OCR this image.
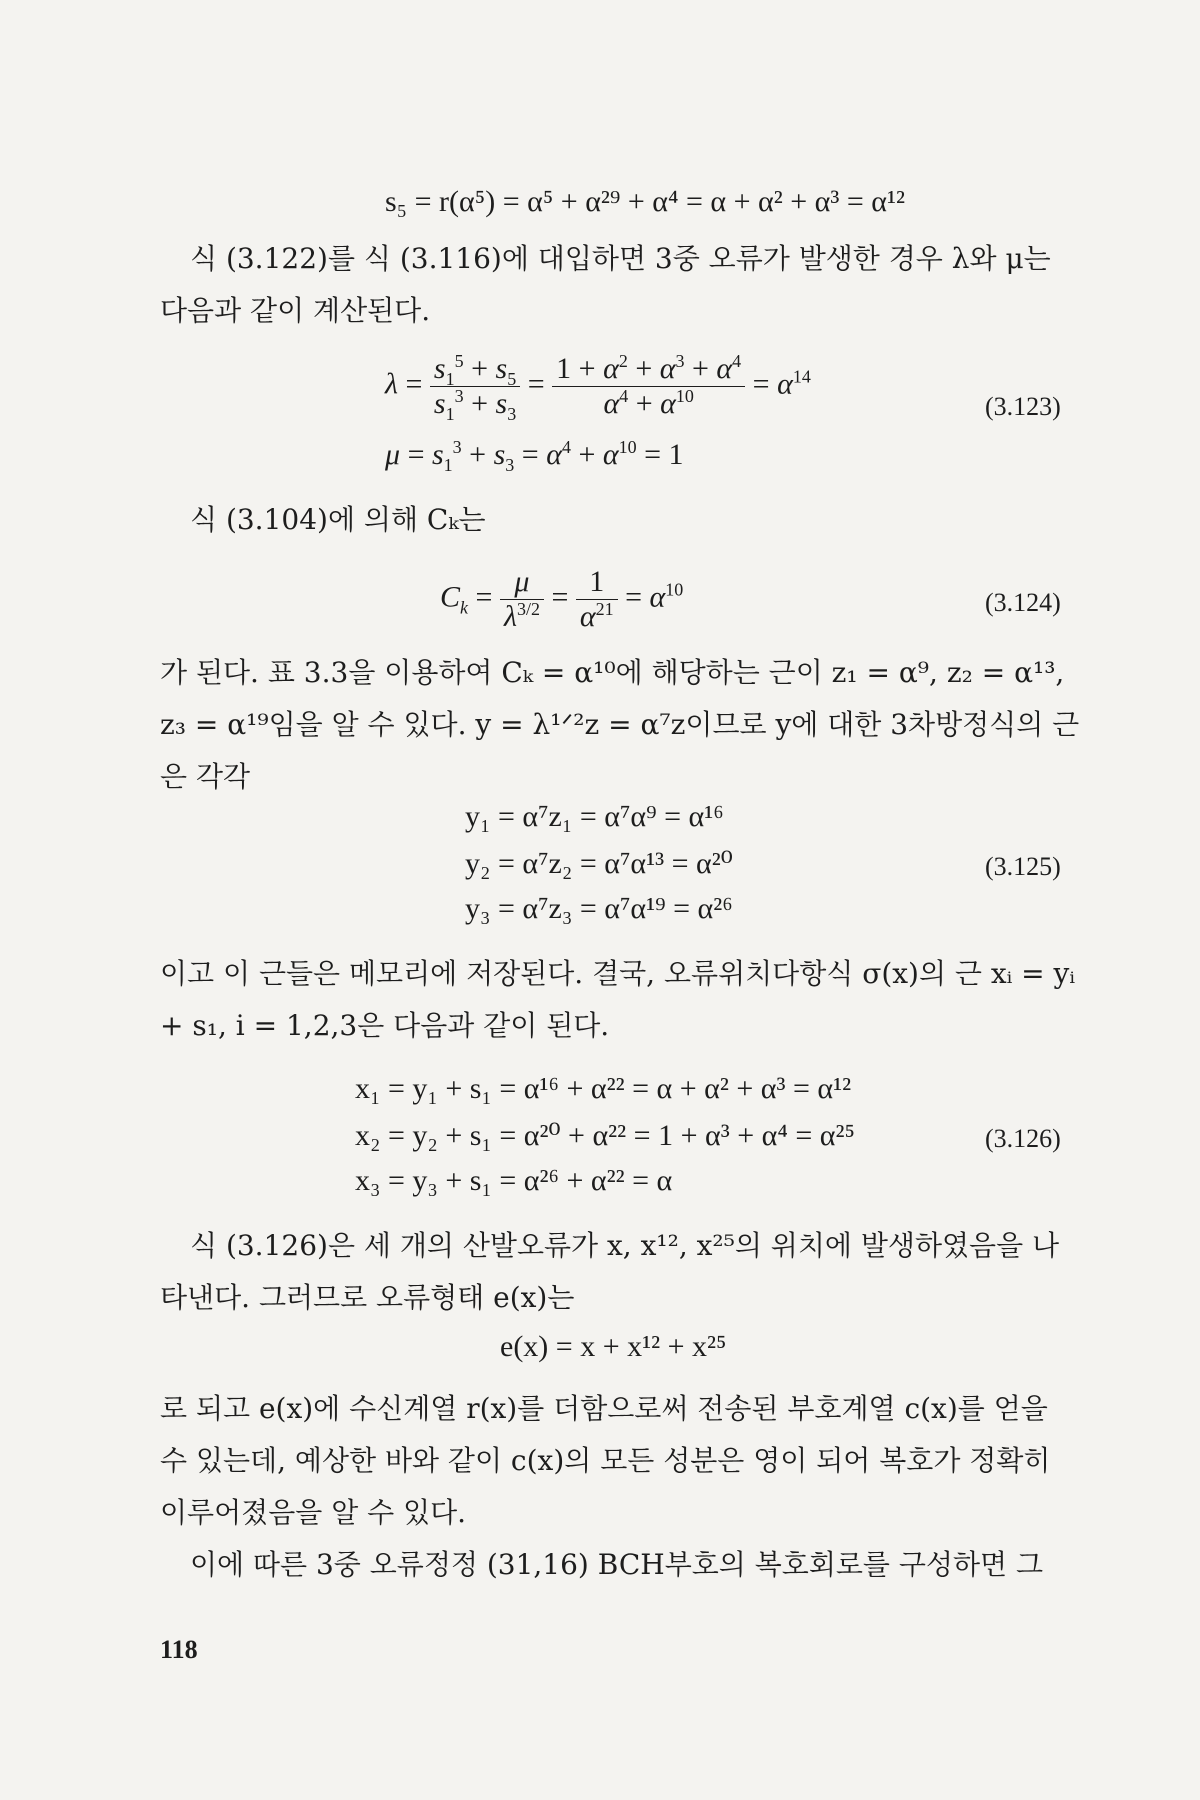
s₅ = r(α⁵) = α⁵ + α²⁹ + α⁴ = α + α² + α³ = α¹²
식 (3.122)를 식 (3.116)에 대입하면 3중 오류가 발생한 경우 λ와 μ는 다음과 같이 계산된다.
$\lambda = \frac{s_1^5 + s_5}{s_1^3 + s_3} = \frac{1 + \alpha^2 + \alpha^3 + \alpha^4}{\alpha^4 + \alpha^{10}} = \alpha^{14}$
(3.123)
$\mu = s_1^3 + s_3 = \alpha^4 + \alpha^{10} = 1$
식 (3.104)에 의해 Cₖ는
$C_k = \frac{\mu}{\lambda^{3/2}} = \frac{1}{\alpha^{21}} = \alpha^{10}$	(3.124)
가 된다. 표 3.3을 이용하여 Cₖ = α¹⁰에 해당하는 근이 z₁ = α⁹, z₂ = α¹³, z₃ = α¹⁹임을 알 수 있다. y = λ¹ᐟ²z = α⁷z이므로 y에 대한 3차방정식의 근은 각각
y₁ = α⁷z₁ = α⁷α⁹ = α¹⁶
y₂ = α⁷z₂ = α⁷α¹³ = α²⁰
y₃ = α⁷z₃ = α⁷α¹⁹ = α²⁶
(3.125)
이고 이 근들은 메모리에 저장된다. 결국, 오류위치다항식 σ(x)의 근 xᵢ = yᵢ + s₁, i = 1,2,3은 다음과 같이 된다.
x₁ = y₁ + s₁ = α¹⁶ + α²² = α + α² + α³ = α¹²
x₂ = y₂ + s₁ = α²⁰ + α²² = 1 + α³ + α⁴ = α²⁵
x₃ = y₃ + s₁ = α²⁶ + α²² = α
(3.126)
식 (3.126)은 세 개의 산발오류가 x, x¹², x²⁵의 위치에 발생하였음을 나타낸다. 그러므로 오류형태 e(x)는
e(x) = x + x¹² + x²⁵
로 되고 e(x)에 수신계열 r(x)를 더함으로써 전송된 부호계열 c(x)를 얻을 수 있는데, 예상한 바와 같이 c(x)의 모든 성분은 영이 되어 복호가 정확히 이루어졌음을 알 수 있다.
이에 따른 3중 오류정정 (31,16) BCH부호의 복호회로를 구성하면 그
118
